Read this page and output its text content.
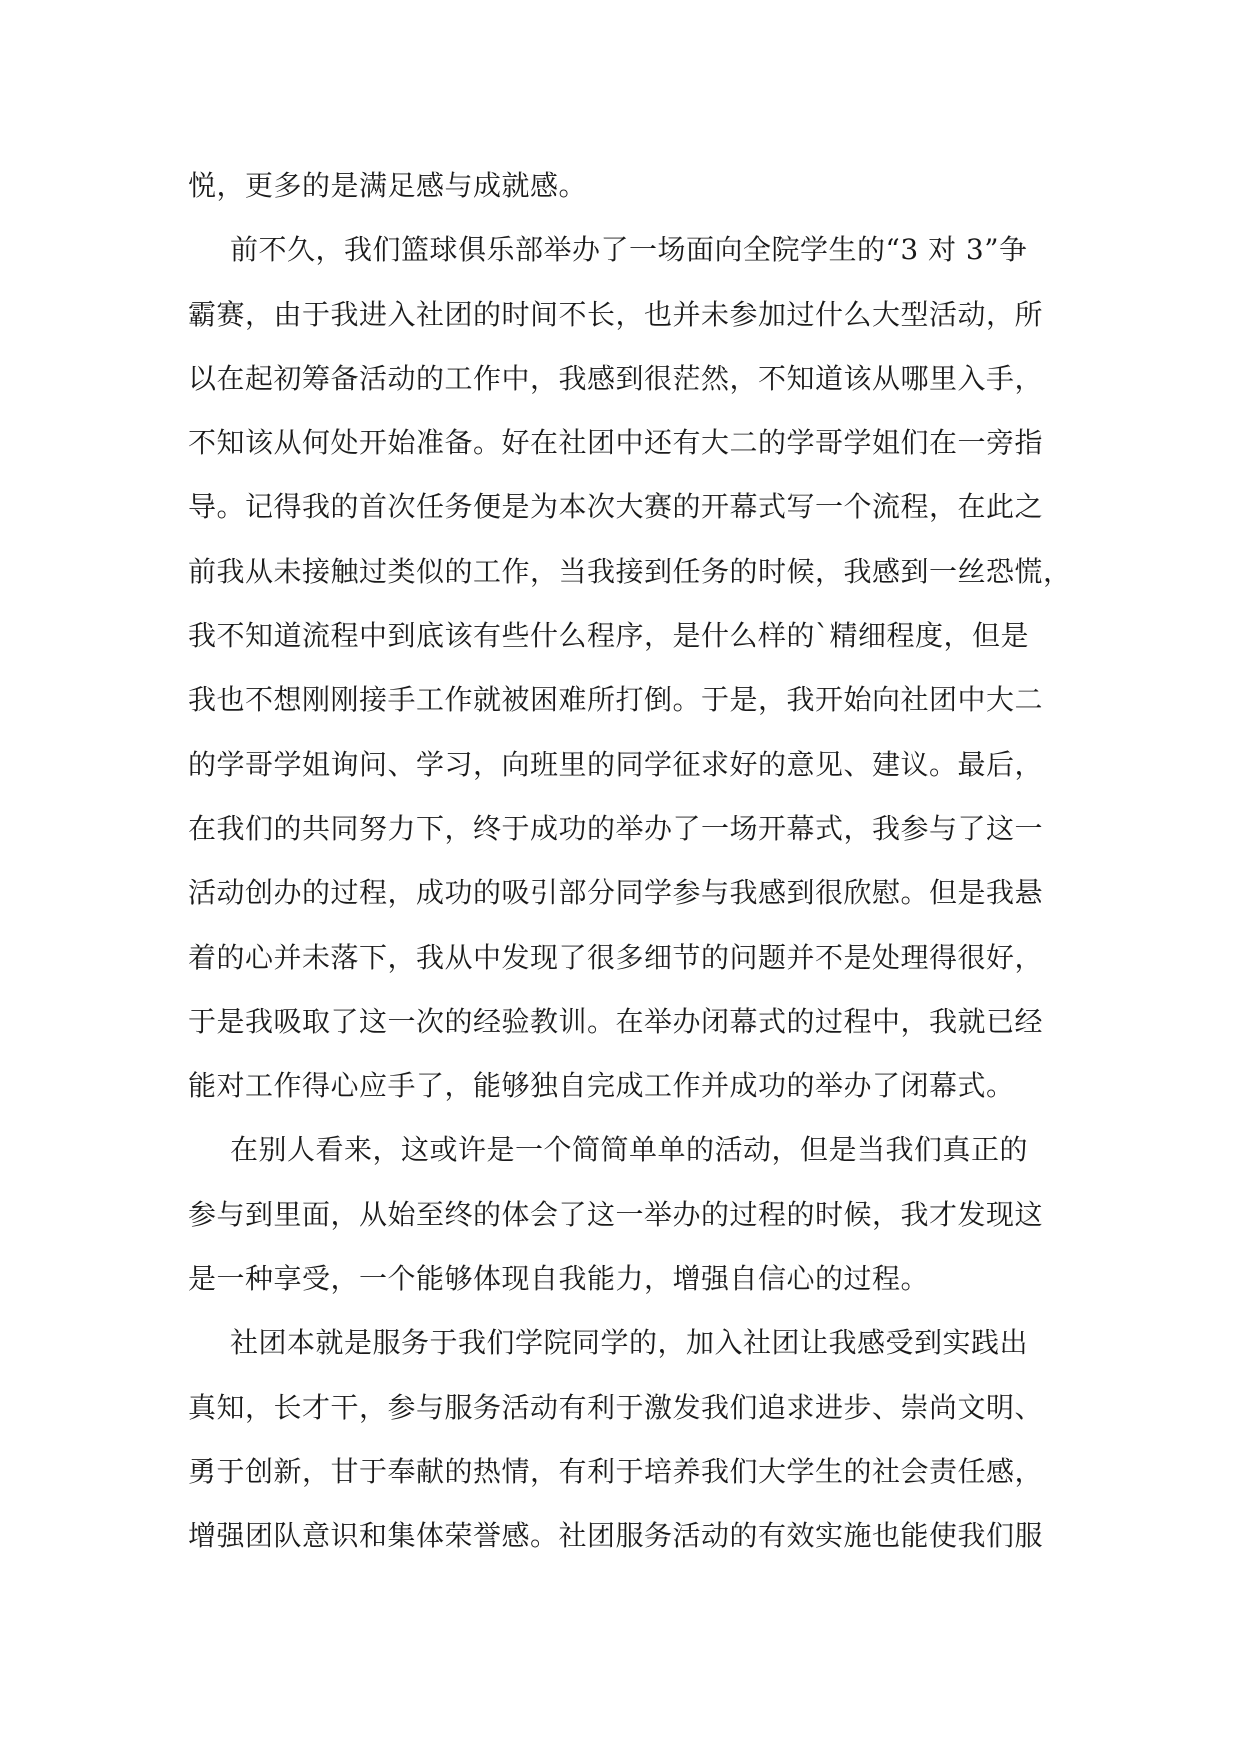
悦，更多的是满足感与成就感。
前不久，我们篮球俱乐部举办了一场面向全院学生的“3 对 3”争
霸赛，由于我进入社团的时间不长，也并未参加过什么大型活动，所
以在起初筹备活动的工作中，我感到很茫然，不知道该从哪里入手，
不知该从何处开始准备。好在社团中还有大二的学哥学姐们在一旁指
导。记得我的首次任务便是为本次大赛的开幕式写一个流程，在此之
前我从未接触过类似的工作，当我接到任务的时候，我感到一丝恐慌，
我不知道流程中到底该有些什么程序，是什么样的`精细程度，但是
我也不想刚刚接手工作就被困难所打倒。于是，我开始向社团中大二
的学哥学姐询问、学习，向班里的同学征求好的意见、建议。最后，
在我们的共同努力下，终于成功的举办了一场开幕式，我参与了这一
活动创办的过程，成功的吸引部分同学参与我感到很欣慰。但是我悬
着的心并未落下，我从中发现了很多细节的问题并不是处理得很好，
于是我吸取了这一次的经验教训。在举办闭幕式的过程中，我就已经
能对工作得心应手了，能够独自完成工作并成功的举办了闭幕式。
在别人看来，这或许是一个简简单单的活动，但是当我们真正的
参与到里面，从始至终的体会了这一举办的过程的时候，我才发现这
是一种享受，一个能够体现自我能力，增强自信心的过程。
社团本就是服务于我们学院同学的，加入社团让我感受到实践出
真知，长才干，参与服务活动有利于激发我们追求进步、崇尚文明、
勇于创新，甘于奉献的热情，有利于培养我们大学生的社会责任感，
增强团队意识和集体荣誉感。社团服务活动的有效实施也能使我们服
